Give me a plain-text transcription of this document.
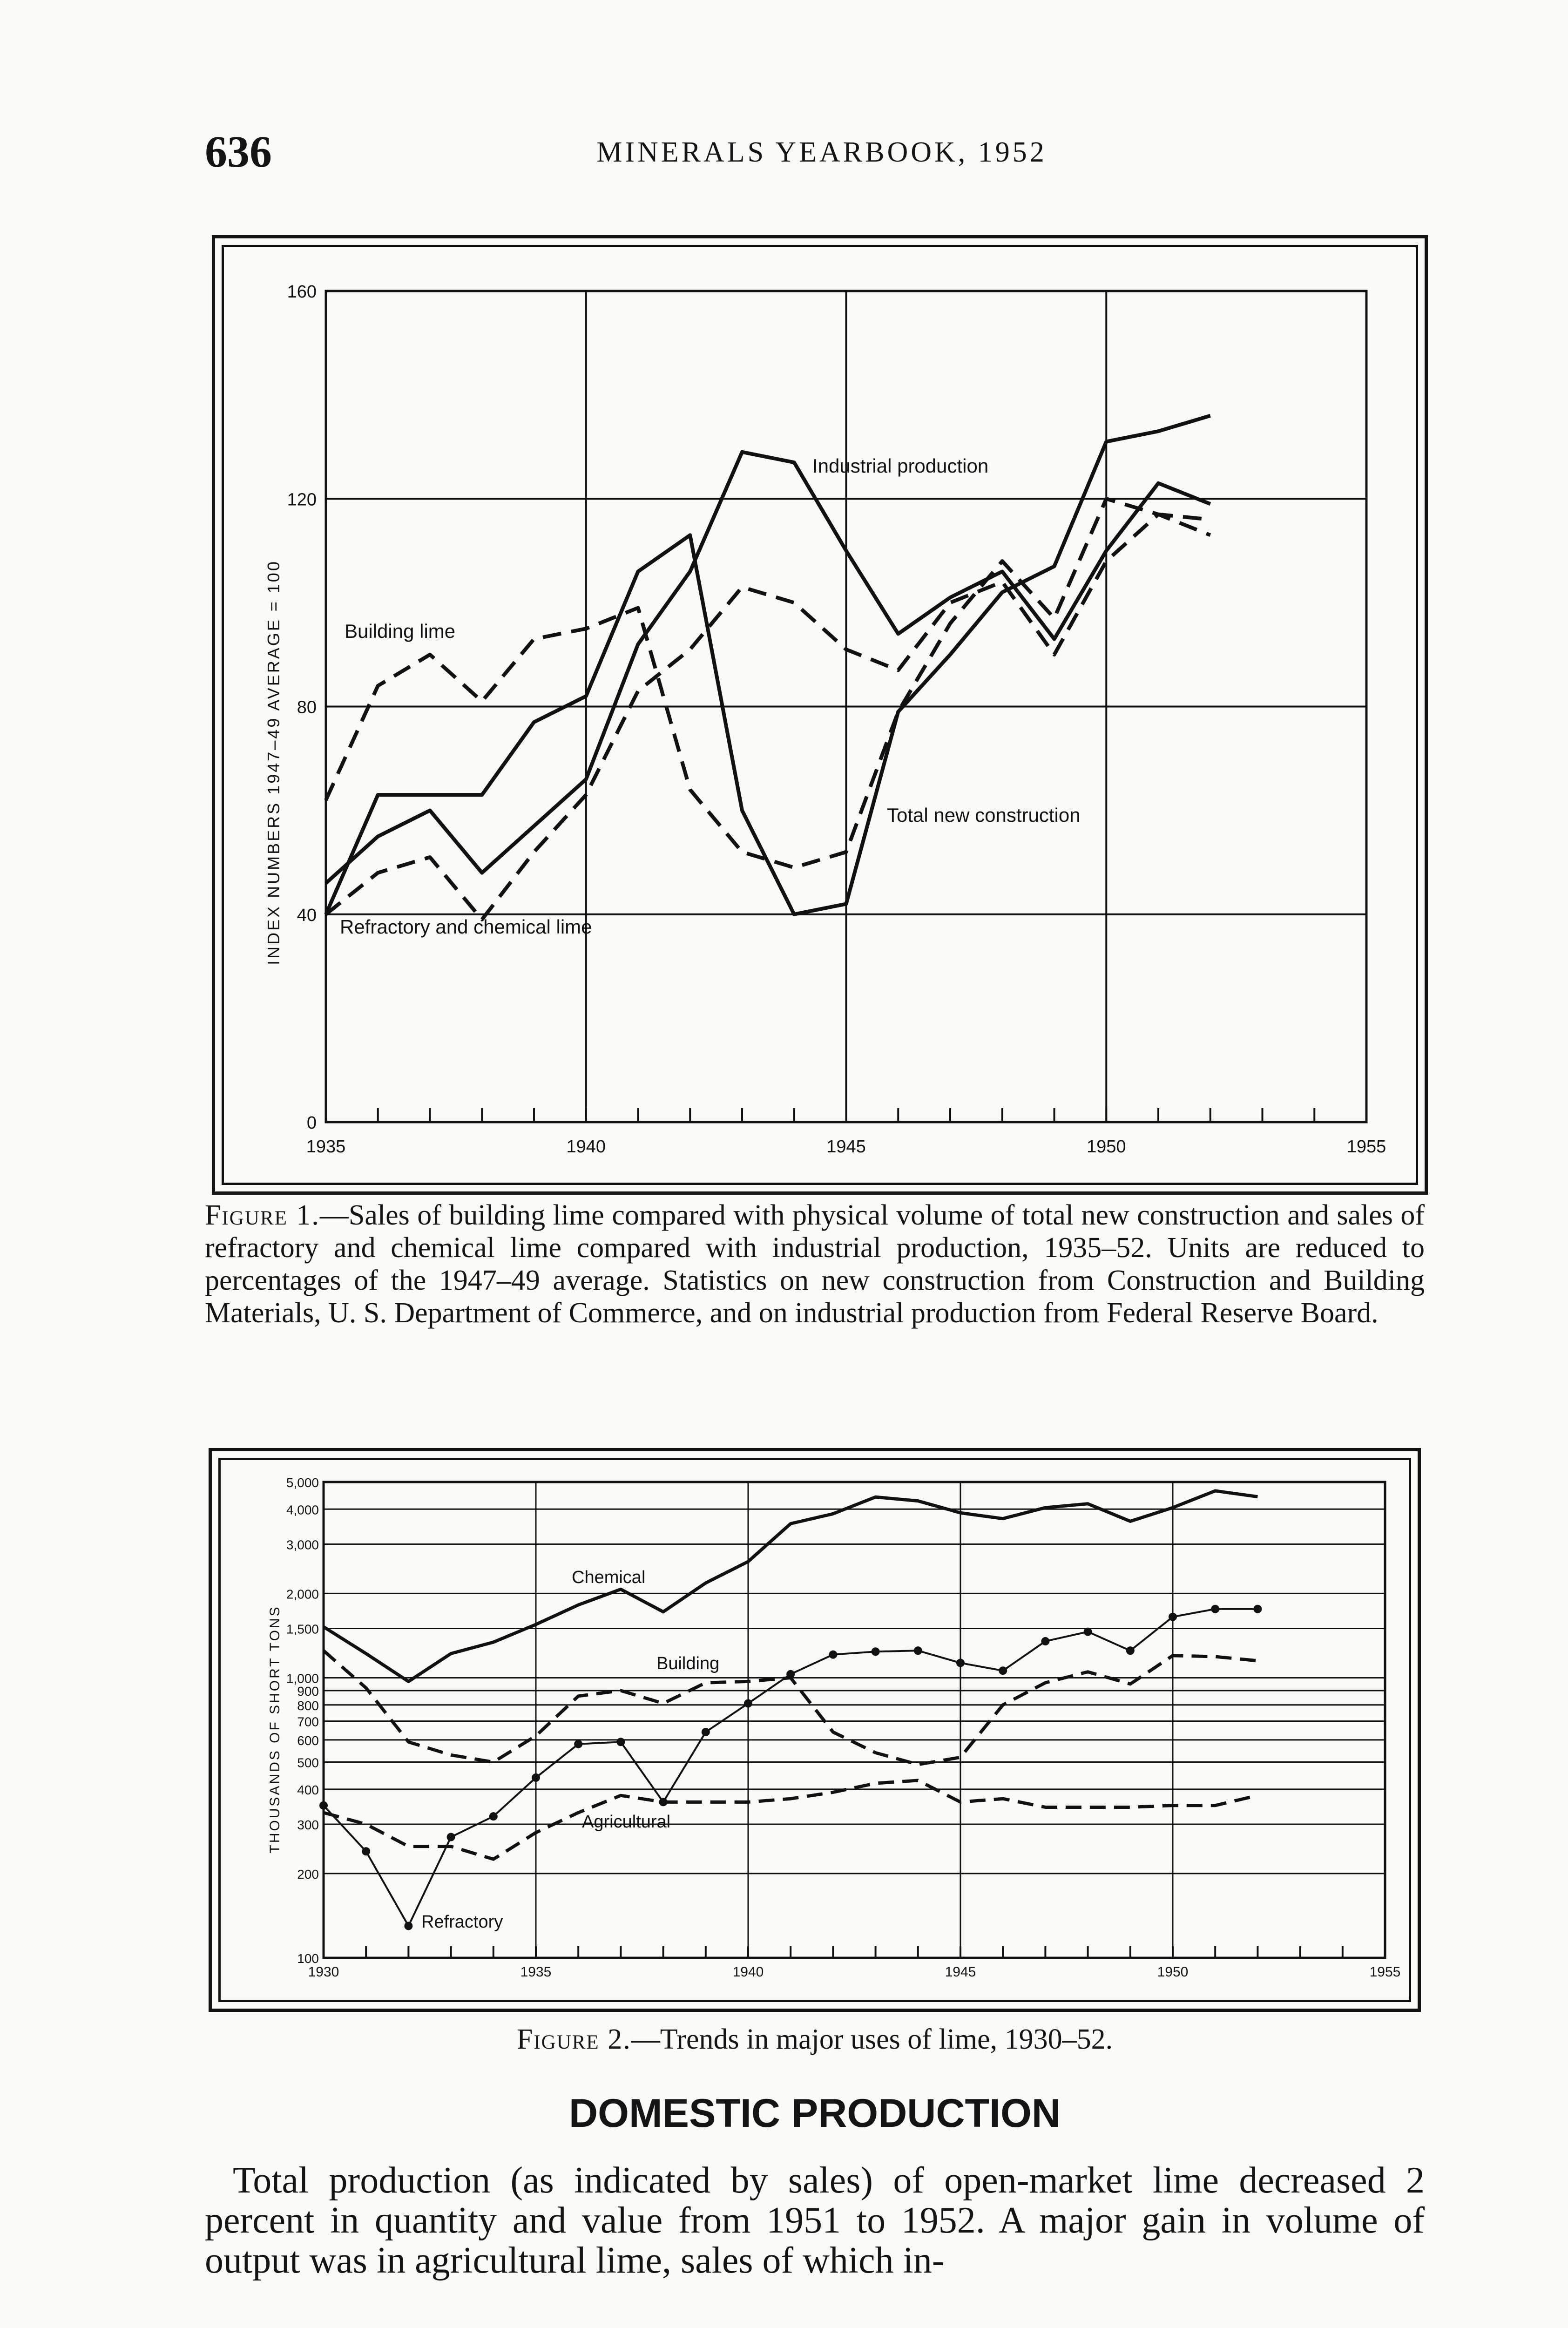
636	MINERALS YEARBOOK, 1952
0
40
80
120
160
1935	1940	1945	1950	1955
INDEX NUMBERS 1947–49 AVERAGE = 100
Industrial production
Building lime
Total new construction
Refractory and chemical lime
Figure 1.—Sales of building lime compared with physical volume of total new construction and sales of refractory and chemical lime compared with industrial production, 1935–52. Units are reduced to percentages of the 1947–49 average. Statistics on new construction from Construction and Building Materials, U. S. Department of Commerce, and on industrial production from Federal Reserve Board.
100
200
300
400
500
600
700
800
900
1,000
1,500
2,000
3,000
4,000
5,000
1930	1935	1940	1945	1950	1955
THOUSANDS OF SHORT TONS
Chemical
Building
Agricultural
Refractory
Figure 2.—Trends in major uses of lime, 1930–52.
DOMESTIC PRODUCTION
Total production (as indicated by sales) of open-market lime decreased 2 percent in quantity and value from 1951 to 1952. A major gain in volume of output was in agricultural lime, sales of which in-
